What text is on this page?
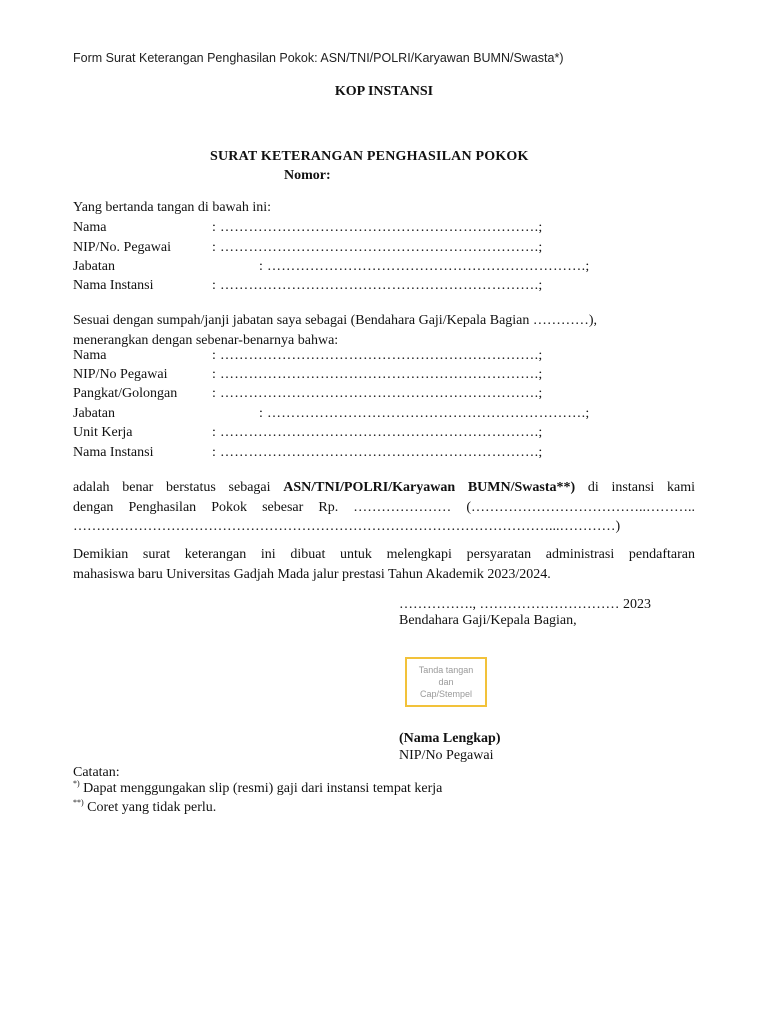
Form Surat Keterangan Penghasilan Pokok: ASN/TNI/POLRI/Karyawan BUMN/Swasta*)
KOP INSTANSI
SURAT KETERANGAN PENGHASILAN POKOK
Nomor:
Yang bertanda tangan di bawah ini:
Nama	: ………………………………………………………….;
NIP/No. Pegawai	: ………………………………………………………….;
Jabatan	: ………………………………………………………….;
Nama Instansi	: ………………………………………………………….;
Sesuai dengan sumpah/janji jabatan saya sebagai (Bendahara Gaji/Kepala Bagian …………),
menerangkan dengan sebenar-benarnya bahwa:
Nama	: ………………………………………………………….;
NIP/No Pegawai	: ………………………………………………………….;
Pangkat/Golongan : ………………………………………………………….;
Jabatan	: ………………………………………………………….;
Unit Kerja	: ………………………………………………………….;
Nama Instansi	: ………………………………………………………….;
adalah benar berstatus sebagai ASN/TNI/POLRI/Karyawan BUMN/Swasta**) di instansi kami
dengan Penghasilan Pokok sebesar Rp. ………………… (………………………………..………..
…………………………………………………………………………………………...…………)
Demikian surat keterangan ini dibuat untuk melengkapi persyaratan administrasi pendaftaran
mahasiswa baru Universitas Gadjah Mada jalur prestasi Tahun Akademik 2023/2024.
……………., ………………………… 2023
Bendahara Gaji/Kepala Bagian,
Tanda tangan
dan
Cap/Stempel
(Nama Lengkap)
NIP/No Pegawai
Catatan:
*) Dapat menggungakan slip (resmi) gaji dari instansi tempat kerja
**) Coret yang tidak perlu.
